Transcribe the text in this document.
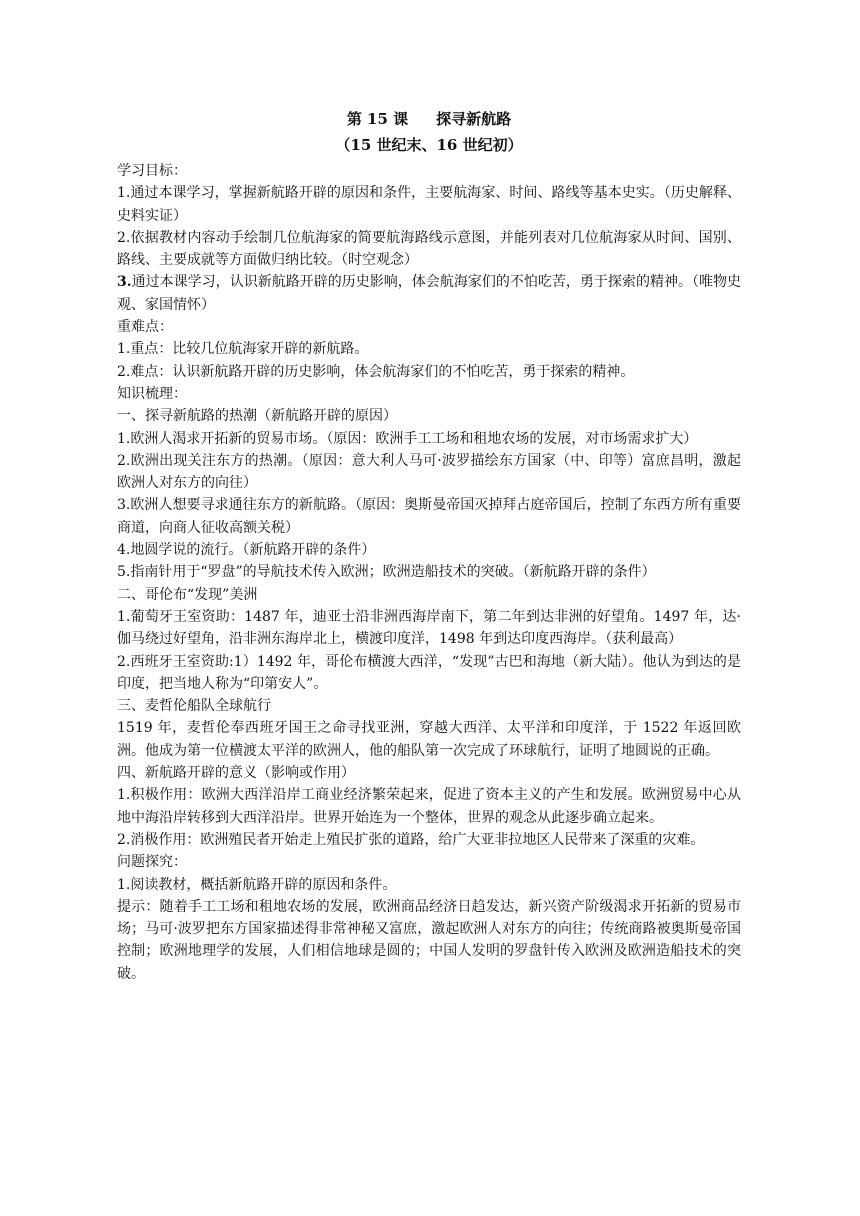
第 15 课 探寻新航路

（15 世纪末、16 世纪初）

学习目标：

1.通过本课学习，掌握新航路开辟的原因和条件，主要航海家、时间、路线等基本史实。（历史解释、史料实证）

2.依据教材内容动手绘制几位航海家的简要航海路线示意图，并能列表对几位航海家从时间、国别、路线、主要成就等方面做归纳比较。（时空观念）

3.通过本课学习，认识新航路开辟的历史影响，体会航海家们的不怕吃苦，勇于探索的精神。（唯物史观、家国情怀）

重难点：

1.重点：比较几位航海家开辟的新航路。

2.难点：认识新航路开辟的历史影响，体会航海家们的不怕吃苦，勇于探索的精神。

知识梳理：

一、探寻新航路的热潮（新航路开辟的原因）

1.欧洲人渴求开拓新的贸易市场。（原因：欧洲手工工场和租地农场的发展，对市场需求扩大）

2.欧洲出现关注东方的热潮。（原因：意大利人马可·波罗描绘东方国家（中、印等）富庶昌明，激起欧洲人对东方的向往）

3.欧洲人想要寻求通往东方的新航路。（原因：奥斯曼帝国灭掉拜占庭帝国后，控制了东西方所有重要商道，向商人征收高额关税）

4.地圆学说的流行。（新航路开辟的条件）

5.指南针用于“罗盘”的导航技术传入欧洲；欧洲造船技术的突破。（新航路开辟的条件）

二、哥伦布“发现”美洲

1.葡萄牙王室资助：1487 年，迪亚士沿非洲西海岸南下，第二年到达非洲的好望角。1497 年，达·伽马绕过好望角，沿非洲东海岸北上，横渡印度洋，1498 年到达印度西海岸。（获利最高）

2.西班牙王室资助:1）1492 年，哥伦布横渡大西洋，“发现”古巴和海地（新大陆）。他认为到达的是印度，把当地人称为“印第安人”。

三、麦哲伦船队全球航行

1519 年，麦哲伦奉西班牙国王之命寻找亚洲，穿越大西洋、太平洋和印度洋，于 1522 年返回欧洲。他成为第一位横渡太平洋的欧洲人，他的船队第一次完成了环球航行，证明了地圆说的正确。

四、新航路开辟的意义（影响或作用）

1.积极作用：欧洲大西洋沿岸工商业经济繁荣起来，促进了资本主义的产生和发展。欧洲贸易中心从地中海沿岸转移到大西洋沿岸。世界开始连为一个整体，世界的观念从此逐步确立起来。

2.消极作用：欧洲殖民者开始走上殖民扩张的道路，给广大亚非拉地区人民带来了深重的灾难。

问题探究：

1.阅读教材，概括新航路开辟的原因和条件。

提示：随着手工工场和租地农场的发展，欧洲商品经济日趋发达，新兴资产阶级渴求开拓新的贸易市场；马可·波罗把东方国家描述得非常神秘又富庶，激起欧洲人对东方的向往；传统商路被奥斯曼帝国控制；欧洲地理学的发展，人们相信地球是圆的；中国人发明的罗盘针传入欧洲及欧洲造船技术的突破。
